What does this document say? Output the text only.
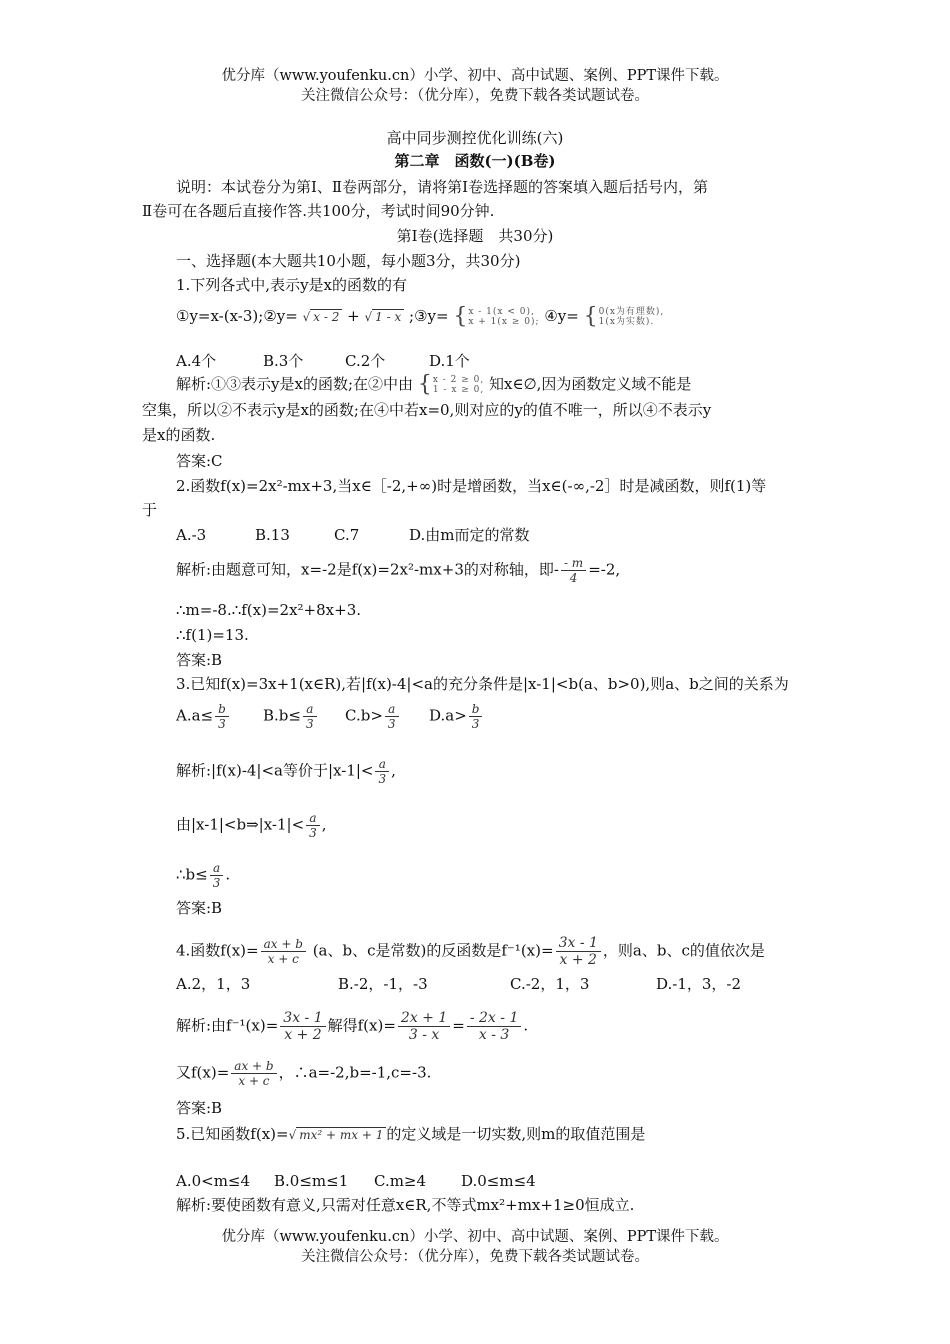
优分库（www.youfenku.cn）小学、初中、高中试题、案例、PPT课件下载。
关注微信公众号：（优分库），免费下载各类试题试卷。
高中同步测控优化训练(六)
第二章　函数(一)(B卷)
说明：本试卷分为第Ⅰ、Ⅱ卷两部分，请将第Ⅰ卷选择题的答案填入题后括号内，第
Ⅱ卷可在各题后直接作答.共100分，考试时间90分钟.
第Ⅰ卷(选择题　共30分)
一、选择题(本大题共10小题，每小题3分，共30分)
1.下列各式中,表示y是x的函数的有
①y=x-(x-3);②y= √ x - 2 + √ 1 - x ;③y= {x - 1(x < 0),
x + 1(x ≥ 0); ④y= {0(x为有理数),
1(x为实数).
A.4个	B.3个	C.2个	D.1个
解析:①③表示y是x的函数;在②中由 {x - 2 ≥ 0,
1 - x ≥ 0, 知x∈∅,因为函数定义域不能是
空集，所以②不表示y是x的函数;在④中若x=0,则对应的y的值不唯一，所以④不表示y
是x的函数.
答案:C
2.函数f(x)=2x²-mx+3,当x∈［-2,+∞)时是增函数，当x∈(-∞,-2］时是减函数，则f(1)等
于
A.-3	B.13	C.7	D.由m而定的常数
解析:由题意可知，x=-2是f(x)=2x²-mx+3的对称轴，即- $\frac{- m}{4} =-2$,
∴m=-8.∴f(x)=2x²+8x+3.
∴f(1)=13.
答案:B
3.已知f(x)=3x+1(x∈R),若|f(x)-4|<a的充分条件是|x-1|<b(a、b>0),则a、b之间的关系为
$A.a\le \frac{b}{3} B.b\le \frac{a}{3} C.b> \frac{a}{3} D.a> \frac{b}{3}$
解析:|f(x)-4|<a等价于$|x-1|< \frac{a}{3}$ ,
由|x-1|<b⇒|x-1|< $\frac{a}{3}$ ,
∴b≤ $\frac{a}{3}$ .
答案:B
4.函数$f(x)= \frac{ax + b}{x + c} (a$、b、c是常数)的反函数是$f^{-1}(x)= \frac{3x - 1}{x + 2}$ ，则a、b、c的值依次是
A.2，1，3	B.-2，-1，-3	C.-2，1，3	D.-1，3，-2
解析:由$f^{-1}(x)= \frac{3x - 1}{x + 2}$ 解得$f(x)= \frac{2x + 1}{3 - x} = \frac{- 2x - 1}{x - 3}$ .
又$f(x)= \frac{ax + b}{x + c}$ ，∴a=-2,b=-1,c=-3.
答案:B
5.已知函数f(x)=√ mx² + mx + 1 的定义域是一切实数,则m的取值范围是
A.0<m≤4 B.0≤m≤1 C.m≥4 D.0≤m≤4
解析:要使函数有意义,只需对任意x∈R,不等式mx²+mx+1≥0恒成立.
优分库（www.youfenku.cn）小学、初中、高中试题、案例、PPT课件下载。
关注微信公众号：（优分库），免费下载各类试题试卷。
